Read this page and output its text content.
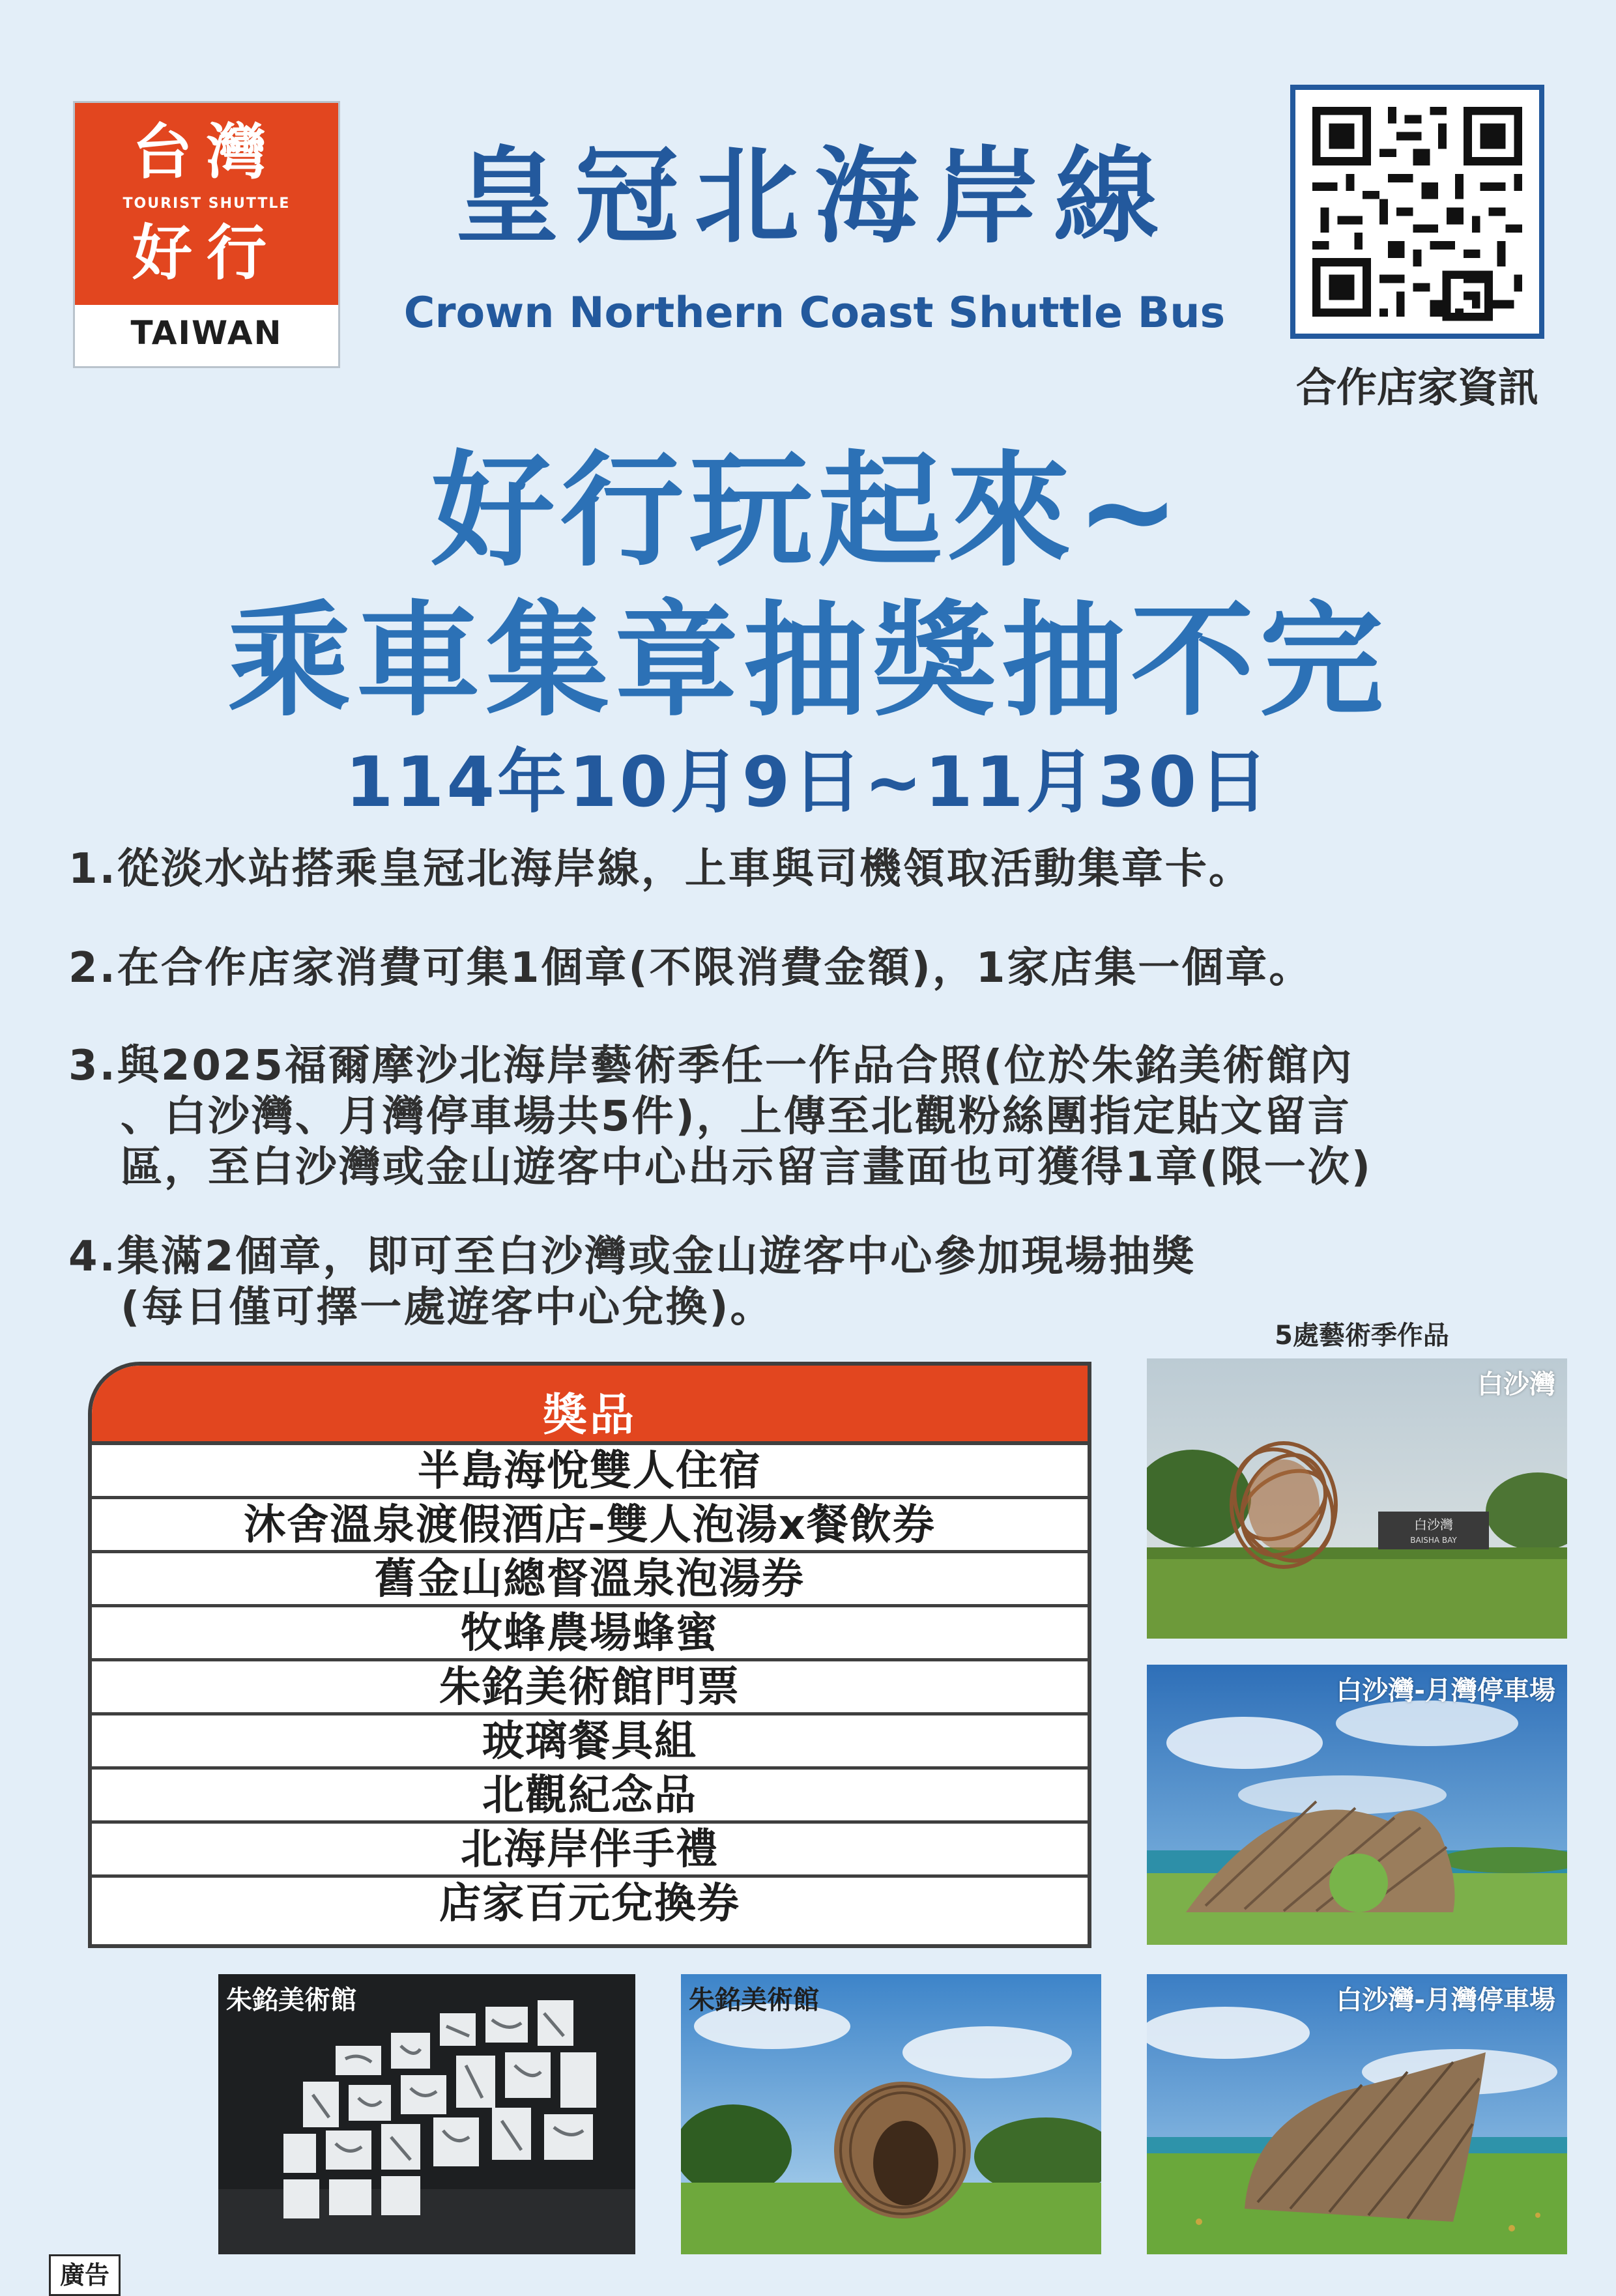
台灣
TOURIST SHUTTLE
好行
TAIWAN
皇冠北海岸線
Crown Northern Coast Shuttle Bus
合作店家資訊
好行玩起來~
乘車集章抽獎抽不完
114年10月9日~11月30日
1.從淡水站搭乘皇冠北海岸線，上車與司機領取活動集章卡。
2.在合作店家消費可集1個章(不限消費金額)，1家店集一個章。
3.與2025福爾摩沙北海岸藝術季任一作品合照(位於朱銘美術館內
、白沙灣、月灣停車場共5件)，上傳至北觀粉絲團指定貼文留言
區，至白沙灣或金山遊客中心出示留言畫面也可獲得1章(限一次)
4.集滿2個章，即可至白沙灣或金山遊客中心參加現場抽獎
(每日僅可擇一處遊客中心兌換)。
獎品
半島海悅雙人住宿
沐舍溫泉渡假酒店-雙人泡湯x餐飲券
舊金山總督溫泉泡湯券
牧蜂農場蜂蜜
朱銘美術館門票
玻璃餐具組
北觀紀念品
北海岸伴手禮
店家百元兌換券
5處藝術季作品
白沙灣
BAISHA BAY
白沙灣
白沙灣-月灣停車場
白沙灣-月灣停車場
朱銘美術館	朱銘美術館
廣告
